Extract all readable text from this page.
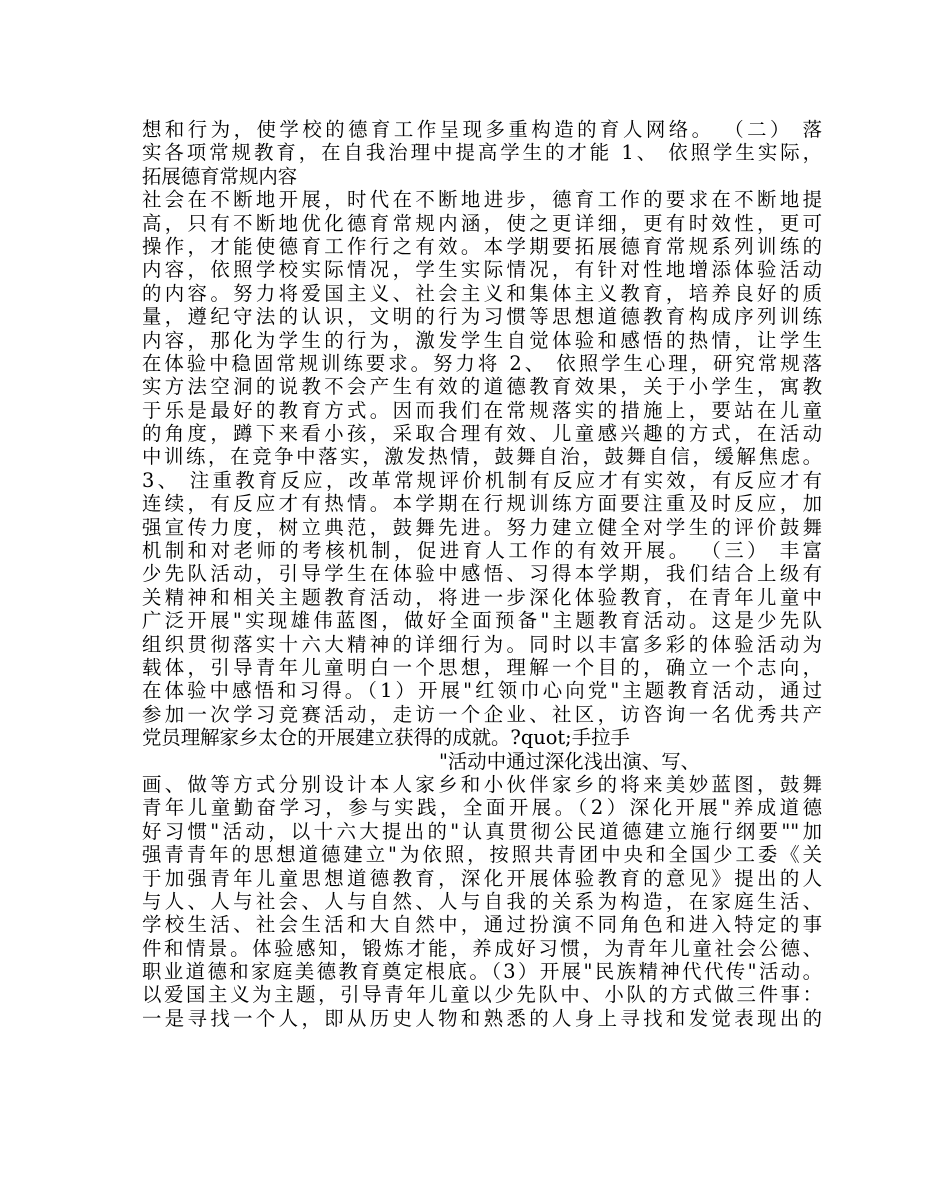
想和行为，使学校的德育工作呈现多重构造的育人网络。 （二） 落
实各项常规教育，在自我治理中提高学生的才能 1、 依照学生实际，
拓展德育常规内容
社会在不断地开展，时代在不断地进步，德育工作的要求在不断地提
高，只有不断地优化德育常规内涵，使之更详细，更有时效性，更可
操作，才能使德育工作行之有效。本学期要拓展德育常规系列训练的
内容，依照学校实际情况，学生实际情况，有针对性地增添体验活动
的内容。努力将爱国主义、社会主义和集体主义教育，培养良好的质
量，遵纪守法的认识，文明的行为习惯等思想道德教育构成序列训练
内容，那化为学生的行为，激发学生自觉体验和感悟的热情，让学生
在体验中稳固常规训练要求。努力将 2、 依照学生心理，研究常规落
实方法空洞的说教不会产生有效的道德教育效果，关于小学生，寓教
于乐是最好的教育方式。因而我们在常规落实的措施上，要站在儿童
的角度，蹲下来看小孩，采取合理有效、儿童感兴趣的方式，在活动
中训练，在竞争中落实，激发热情，鼓舞自治，鼓舞自信，缓解焦虑。
3、 注重教育反应，改革常规评价机制有反应才有实效，有反应才有
连续，有反应才有热情。本学期在行规训练方面要注重及时反应，加
强宣传力度，树立典范，鼓舞先进。努力建立健全对学生的评价鼓舞
机制和对老师的考核机制，促进育人工作的有效开展。 （三） 丰富
少先队活动，引导学生在体验中感悟、习得本学期，我们结合上级有
关精神和相关主题教育活动，将进一步深化体验教育，在青年儿童中
广泛开展"实现雄伟蓝图，做好全面预备"主题教育活动。这是少先队
组织贯彻落实十六大精神的详细行为。同时以丰富多彩的体验活动为
载体，引导青年儿童明白一个思想，理解一个目的，确立一个志向，
在体验中感悟和习得。（1）开展"红领巾心向党"主题教育活动，通过
参加一次学习竞赛活动，走访一个企业、社区，访咨询一名优秀共产
党员理解家乡太仓的开展建立获得的成就。?quot;手拉手
"活动中通过深化浅出演、写、
画、做等方式分别设计本人家乡和小伙伴家乡的将来美妙蓝图，鼓舞
青年儿童勤奋学习，参与实践，全面开展。（2）深化开展"养成道德
好习惯"活动，以十六大提出的"认真贯彻公民道德建立施行纲要""加
强青青年的思想道德建立"为依照，按照共青团中央和全国少工委《关
于加强青年儿童思想道德教育，深化开展体验教育的意见》提出的人
与人、人与社会、人与自然、人与自我的关系为构造，在家庭生活、
学校生活、社会生活和大自然中，通过扮演不同角色和进入特定的事
件和情景。体验感知，锻炼才能，养成好习惯，为青年儿童社会公德、
职业道德和家庭美德教育奠定根底。（3）开展"民族精神代代传"活动。
以爱国主义为主题，引导青年儿童以少先队中、小队的方式做三件事：
一是寻找一个人，即从历史人物和熟悉的人身上寻找和发觉表现出的
